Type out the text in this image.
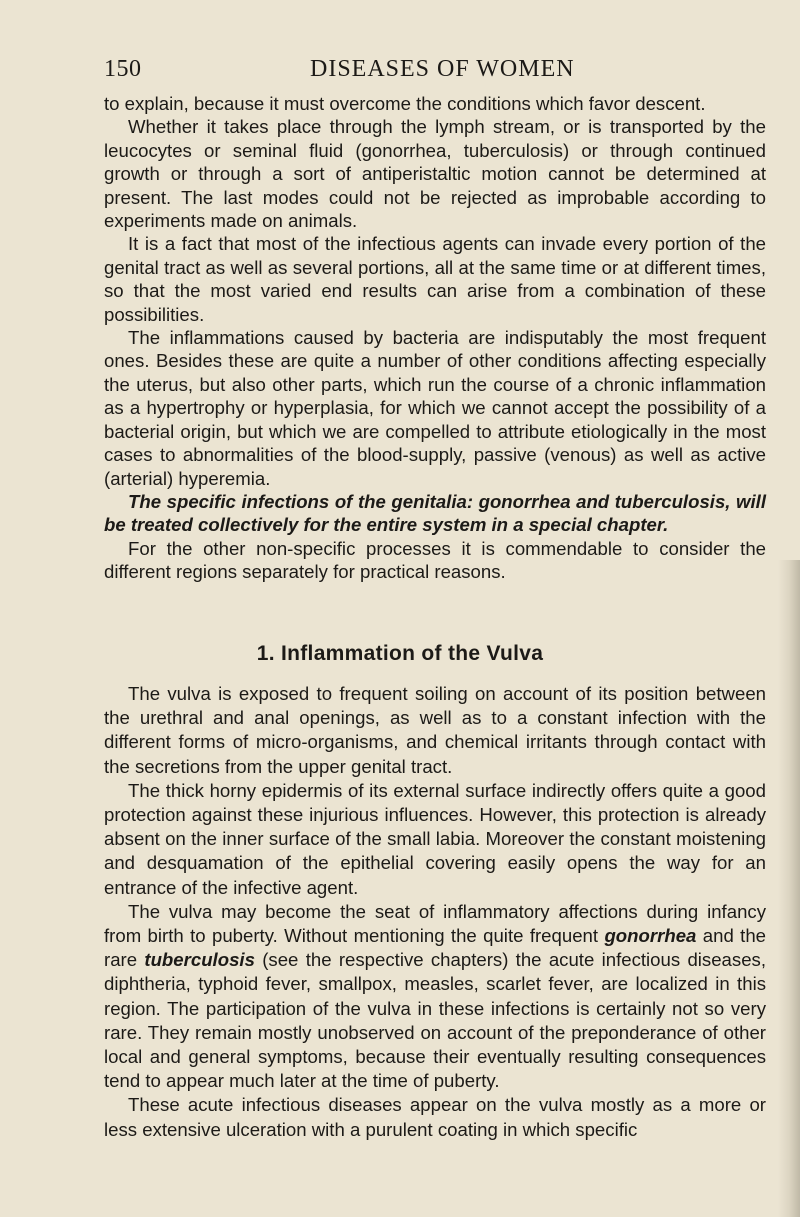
150	DISEASES OF WOMEN

to explain, because it must overcome the conditions which favor descent.

Whether it takes place through the lymph stream, or is transported by the leucocytes or seminal fluid (gonorrhea, tuberculosis) or through continued growth or through a sort of antiperistaltic motion cannot be determined at present. The last modes could not be rejected as improbable according to experiments made on animals.

It is a fact that most of the infectious agents can invade every portion of the genital tract as well as several portions, all at the same time or at different times, so that the most varied end results can arise from a combination of these possibilities.

The inflammations caused by bacteria are indisputably the most frequent ones. Besides these are quite a number of other conditions affecting especially the uterus, but also other parts, which run the course of a chronic inflammation as a hypertrophy or hyperplasia, for which we cannot accept the possibility of a bacterial origin, but which we are compelled to attribute etiologically in the most cases to abnormalities of the blood-supply, passive (venous) as well as active (arterial) hyperemia.

The specific infections of the genitalia: gonorrhea and tuberculosis, will be treated collectively for the entire system in a special chapter.

For the other non-specific processes it is commendable to consider the different regions separately for practical reasons.

1. Inflammation of the Vulva

The vulva is exposed to frequent soiling on account of its position between the urethral and anal openings, as well as to a constant infection with the different forms of micro-organisms, and chemical irritants through contact with the secretions from the upper genital tract.

The thick horny epidermis of its external surface indirectly offers quite a good protection against these injurious influences. However, this protection is already absent on the inner surface of the small labia. Moreover the constant moistening and desquamation of the epithelial covering easily opens the way for an entrance of the infective agent.

The vulva may become the seat of inflammatory affections during infancy from birth to puberty. Without mentioning the quite frequent gonorrhea and the rare tuberculosis (see the respective chapters) the acute infectious diseases, diphtheria, typhoid fever, smallpox, measles, scarlet fever, are localized in this region. The participation of the vulva in these infections is certainly not so very rare. They remain mostly unobserved on account of the preponderance of other local and general symptoms, because their eventually resulting consequences tend to appear much later at the time of puberty.

These acute infectious diseases appear on the vulva mostly as a more or less extensive ulceration with a purulent coating in which specific
